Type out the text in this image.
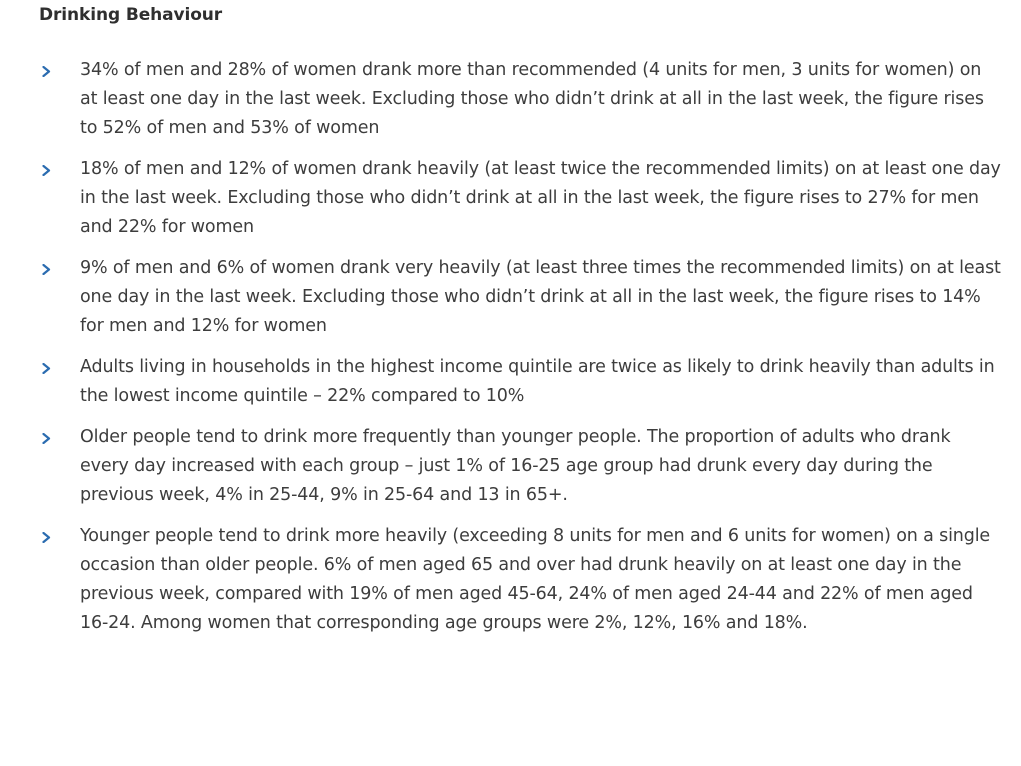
Drinking Behaviour
34% of men and 28% of women drank more than recommended (4 units for men, 3 units for women) on at least one day in the last week. Excluding those who didn’t drink at all in the last week, the figure rises to 52% of men and 53% of women
18% of men and 12% of women drank heavily (at least twice the recommended limits) on at least one day in the last week. Excluding those who didn’t drink at all in the last week, the figure rises to 27% for men and 22% for women
9% of men and 6% of women drank very heavily (at least three times the recommended limits) on at least one day in the last week. Excluding those who didn’t drink at all in the last week, the figure rises to 14% for men and 12% for women
Adults living in households in the highest income quintile are twice as likely to drink heavily than adults in the lowest income quintile – 22% compared to 10%
Older people tend to drink more frequently than younger people. The proportion of adults who drank every day increased with each group – just 1% of 16-25 age group had drunk every day during the previous week, 4% in 25-44, 9% in 25-64 and 13 in 65+.
Younger people tend to drink more heavily (exceeding 8 units for men and 6 units for women) on a single occasion than older people. 6% of men aged 65 and over had drunk heavily on at least one day in the previous week, compared with 19% of men aged 45-64, 24% of men aged 24-44 and 22% of men aged 16-24. Among women that corresponding age groups were 2%, 12%, 16% and 18%.
